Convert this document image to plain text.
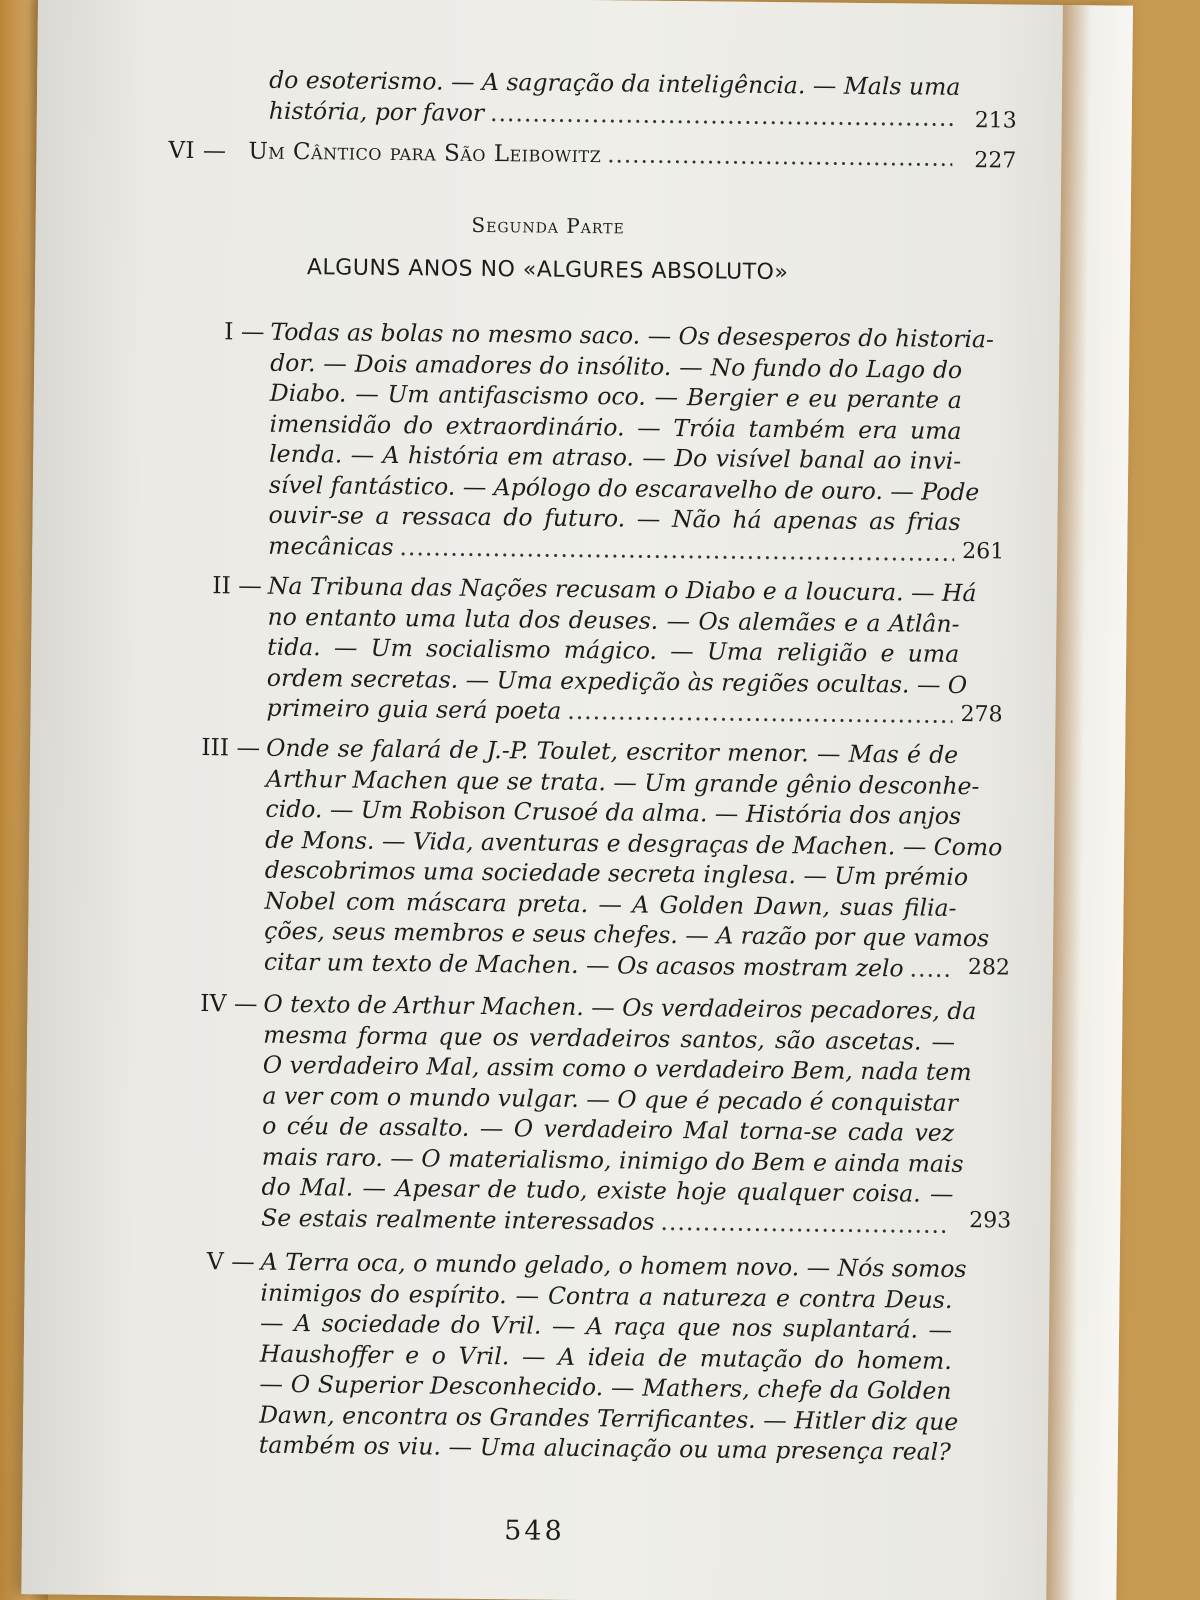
do esoterismo. — A sagração da inteligência. — Mals uma
história, por favor .....	213
VI — Um Cântico para São Leibowitz .....	227
Segunda Parte
ALGUNS ANOS NO «ALGURES ABSOLUTO»
I — Todas as bolas no mesmo saco. — Os desesperos do historia-
dor. — Dois amadores do insólito. — No fundo do Lago do
Diabo. — Um antifascismo oco. — Bergier e eu perante a
imensidão do extraordinário. — Tróia também era uma
lenda. — A história em atraso. — Do visível banal ao invi-
sível fantástico. — Apólogo do escaravelho de ouro. — Pode
ouvir-se a ressaca do futuro. — Não há apenas as frias
mecânicas .....	261
II — Na Tribuna das Nações recusam o Diabo e a loucura. — Há
no entanto uma luta dos deuses. — Os alemães e a Atlân-
tida. — Um socialismo mágico. — Uma religião e uma
ordem secretas. — Uma expedição às regiões ocultas. — O
primeiro guia será poeta .....	278
III — Onde se falará de J.-P. Toulet, escritor menor. — Mas é de
Arthur Machen que se trata. — Um grande gênio desconhe-
cido. — Um Robison Crusoé da alma. — História dos anjos
de Mons. — Vida, aventuras e desgraças de Machen. — Como
descobrimos uma sociedade secreta inglesa. — Um prémio
Nobel com máscara preta. — A Golden Dawn, suas filia-
ções, seus membros e seus chefes. — A razão por que vamos
citar um texto de Machen. — Os acasos mostram zelo .....	282
IV — O texto de Arthur Machen. — Os verdadeiros pecadores, da
mesma forma que os verdadeiros santos, são ascetas. —
O verdadeiro Mal, assim como o verdadeiro Bem, nada tem
a ver com o mundo vulgar. — O que é pecado é conquistar
o céu de assalto. — O verdadeiro Mal torna-se cada vez
mais raro. — O materialismo, inimigo do Bem e ainda mais
do Mal. — Apesar de tudo, existe hoje qualquer coisa. —
Se estais realmente interessados .....	293
V — A Terra oca, o mundo gelado, o homem novo. — Nós somos
inimigos do espírito. — Contra a natureza e contra Deus.
— A sociedade do Vril. — A raça que nos suplantará. —
Haushoffer e o Vril. — A ideia de mutação do homem.
— O Superior Desconhecido. — Mathers, chefe da Golden
Dawn, encontra os Grandes Terrificantes. — Hitler diz que
também os viu. — Uma alucinação ou uma presença real?
548
